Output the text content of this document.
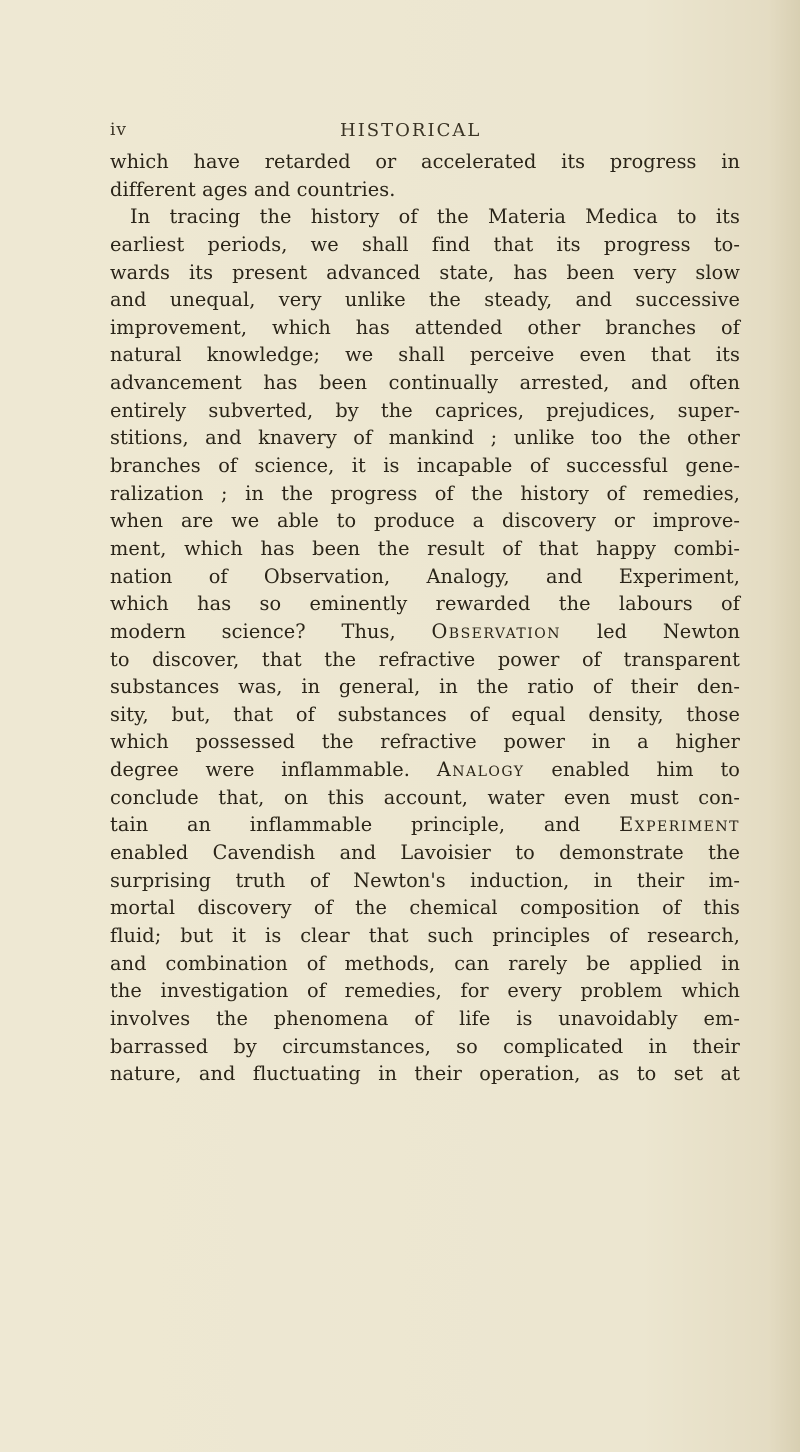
iv	HISTORICAL
which have retarded or accelerated its progress in
different ages and countries.
In tracing the history of the Materia Medica to its
earliest periods, we shall find that its progress to-
wards its present advanced state, has been very slow
and unequal, very unlike the steady, and successive
improvement, which has attended other branches of
natural knowledge; we shall perceive even that its
advancement has been continually arrested, and often
entirely subverted, by the caprices, prejudices, super-
stitions, and knavery of mankind ; unlike too the other
branches of science, it is incapable of successful gene-
ralization ; in the progress of the history of remedies,
when are we able to produce a discovery or improve-
ment, which has been the result of that happy combi-
nation of Observation, Analogy, and Experiment,
which has so eminently rewarded the labours of
modern science? Thus, Observation led Newton
to discover, that the refractive power of transparent
substances was, in general, in the ratio of their den-
sity, but, that of substances of equal density, those
which possessed the refractive power in a higher
degree were inflammable. Analogy enabled him to
conclude that, on this account, water even must con-
tain an inflammable principle, and Experiment
enabled Cavendish and Lavoisier to demonstrate the
surprising truth of Newton's induction, in their im-
mortal discovery of the chemical composition of this
fluid; but it is clear that such principles of research,
and combination of methods, can rarely be applied in
the investigation of remedies, for every problem which
involves the phenomena of life is unavoidably em-
barrassed by circumstances, so complicated in their
nature, and fluctuating in their operation, as to set at
